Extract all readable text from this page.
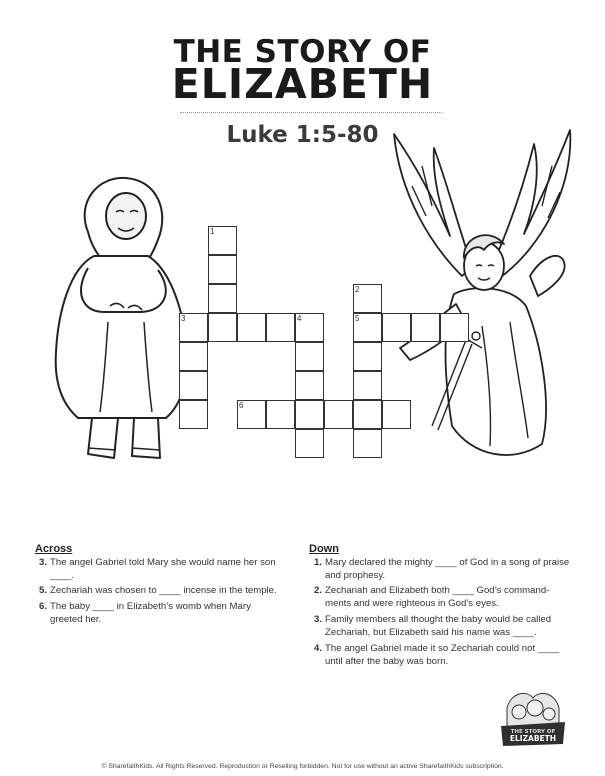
THE STORY OF
ELIZABETH
Luke 1:5-80
1
2
3	4	5
6
Across
3. The angel Gabriel told Mary she would name her son ____.
5. Zechariah was chosen to ____ incense in the temple.
6. The baby ____ in Elizabeth’s womb when Mary greeted her.
Down
1. Mary declared the mighty ____ of God in a song of praise and prophesy.
2. Zechariah and Elizabeth both ____ God’s command-ments and were righteous in God’s eyes.
3. Family members all thought the baby would be called Zechariah, but Elizabeth said his name was ____.
4. The angel Gabriel made it so Zechariah could not ____ until after the baby was born.
THE STORY OF
ELIZABETH
© SharefaithKids. All Rights Reserved. Reproduction or Reselling forbidden. Not for use without an active SharefaithKids subscription.
